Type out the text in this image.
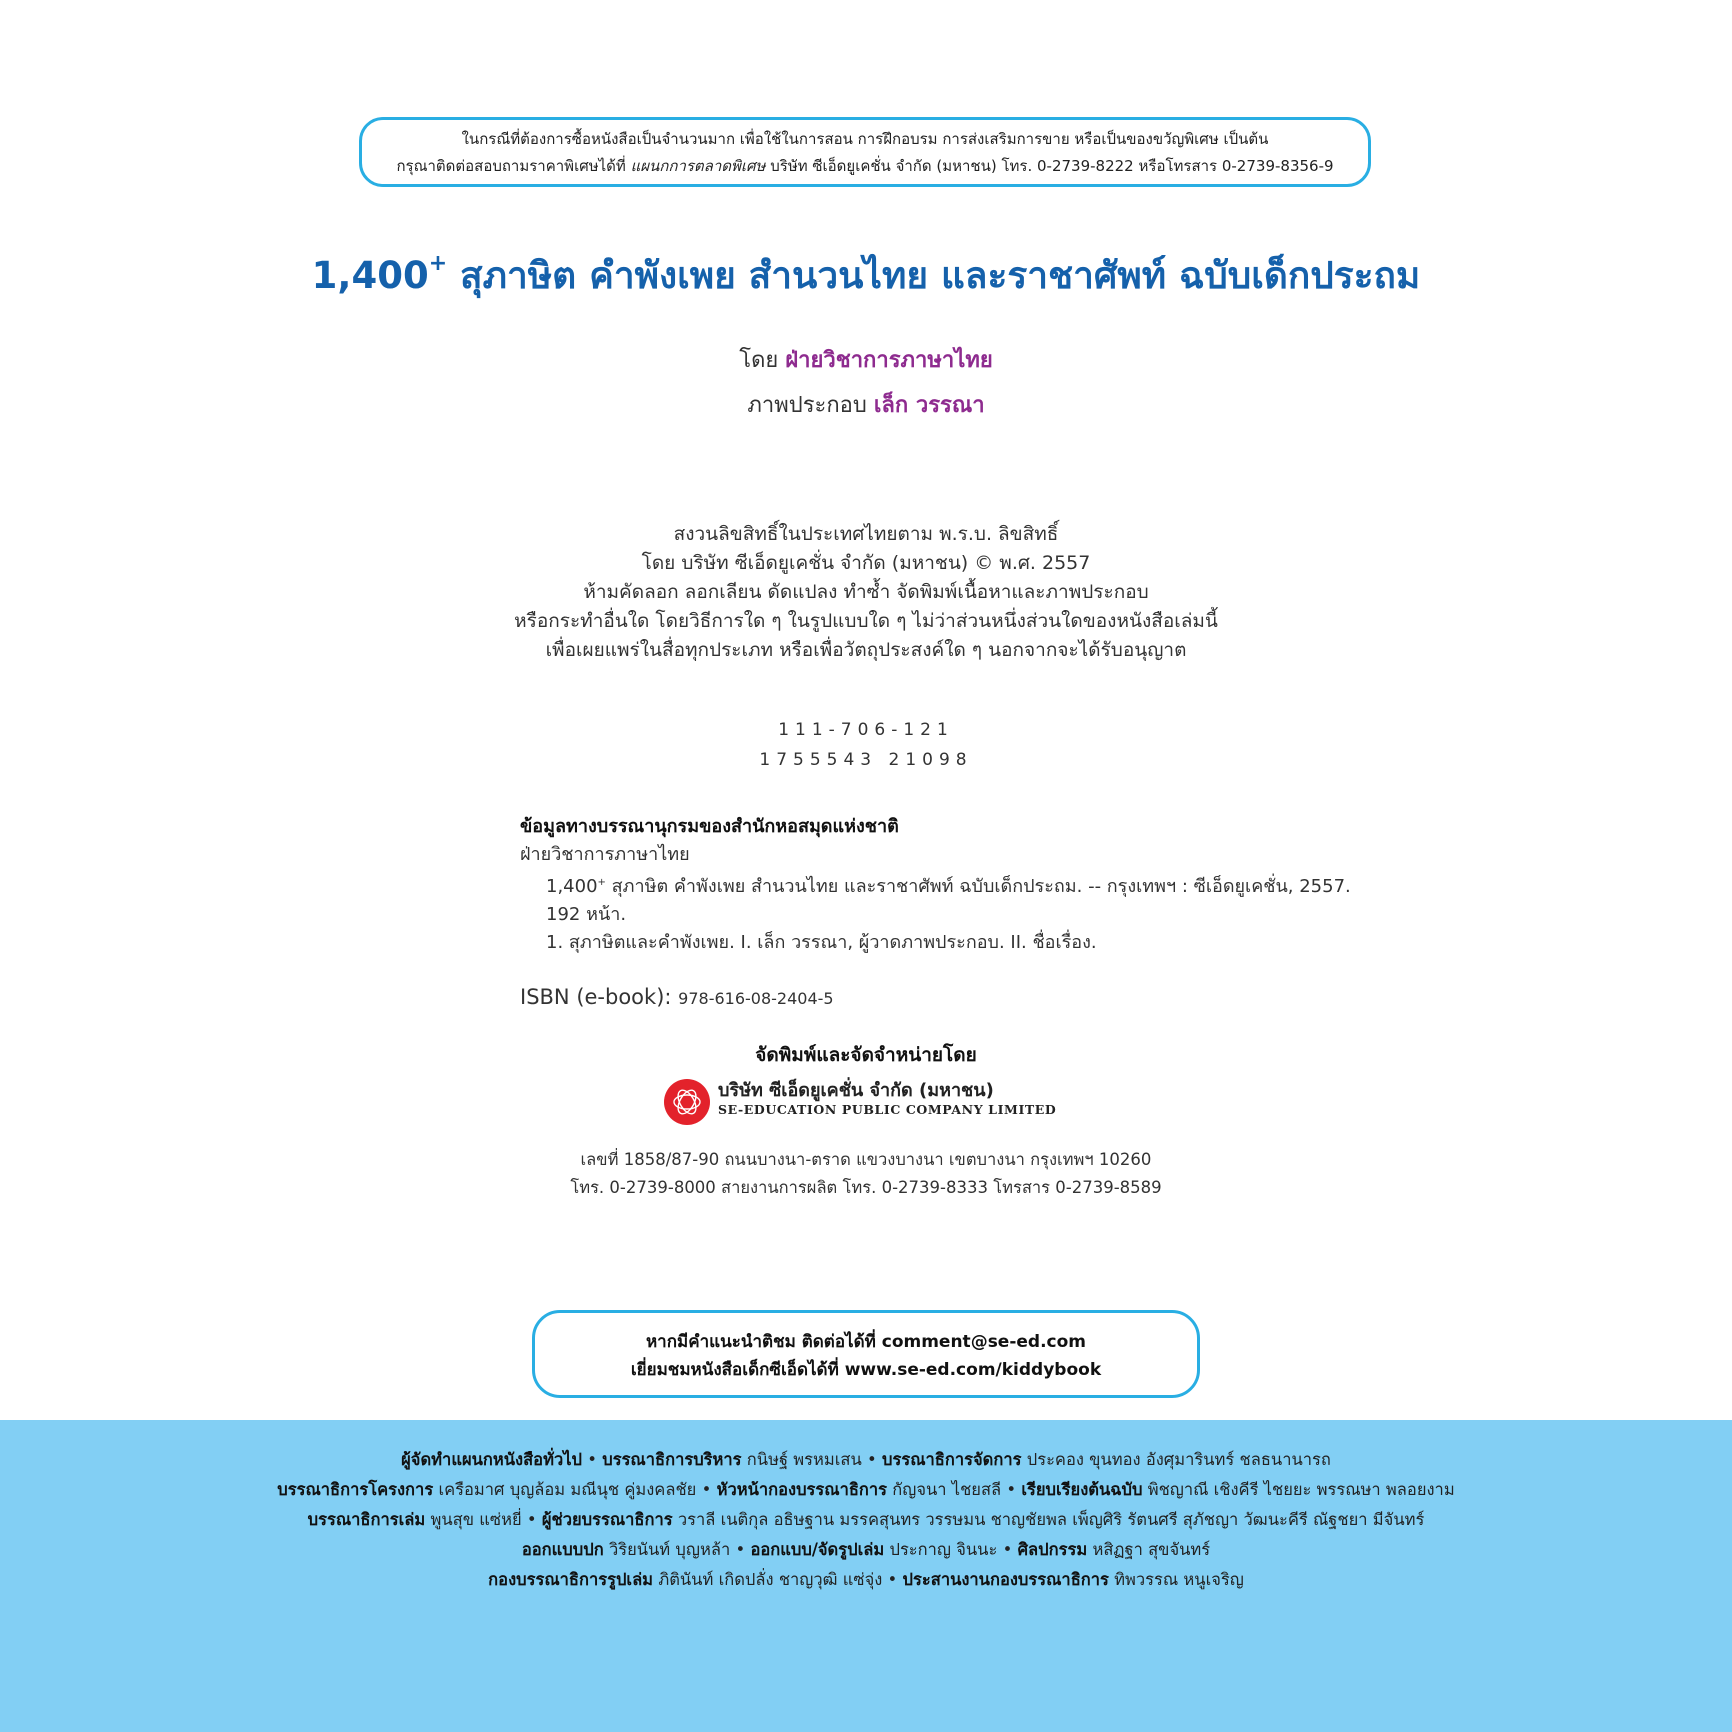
ในกรณีที่ต้องการซื้อหนังสือเป็นจำนวนมาก เพื่อใช้ในการสอน การฝึกอบรม การส่งเสริมการขาย หรือเป็นของขวัญพิเศษ เป็นต้น
กรุณาติดต่อสอบถามราคาพิเศษได้ที่ แผนกการตลาดพิเศษ บริษัท ซีเอ็ดยูเคชั่น จำกัด (มหาชน) โทร. 0-2739-8222 หรือโทรสาร 0-2739-8356-9
1,400+ สุภาษิต คำพังเพย สำนวนไทย และราชาศัพท์ ฉบับเด็กประถม
โดย ฝ่ายวิชาการภาษาไทย
ภาพประกอบ เล็ก วรรณา
สงวนลิขสิทธิ์ในประเทศไทยตาม พ.ร.บ. ลิขสิทธิ์
โดย บริษัท ซีเอ็ดยูเคชั่น จำกัด (มหาชน) © พ.ศ. 2557
ห้ามคัดลอก ลอกเลียน ดัดแปลง ทำซ้ำ จัดพิมพ์เนื้อหาและภาพประกอบ
หรือกระทำอื่นใด โดยวิธีการใด ๆ ในรูปแบบใด ๆ ไม่ว่าส่วนหนึ่งส่วนใดของหนังสือเล่มนี้
เพื่อเผยแพร่ในสื่อทุกประเภท หรือเพื่อวัตถุประสงค์ใด ๆ นอกจากจะได้รับอนุญาต
111-706-121
1755543 21098
ข้อมูลทางบรรณานุกรมของสำนักหอสมุดแห่งชาติ
ฝ่ายวิชาการภาษาไทย
1,400+ สุภาษิต คำพังเพย สำนวนไทย และราชาศัพท์ ฉบับเด็กประถม. -- กรุงเทพฯ : ซีเอ็ดยูเคชั่น, 2557.
192 หน้า.
1. สุภาษิตและคำพังเพย. I. เล็ก วรรณา, ผู้วาดภาพประกอบ. II. ชื่อเรื่อง.
ISBN (e-book): 978-616-08-2404-5
จัดพิมพ์และจัดจำหน่ายโดย
บริษัท ซีเอ็ดยูเคชั่น จำกัด (มหาชน)
SE-EDUCATION PUBLIC COMPANY LIMITED
เลขที่ 1858/87-90 ถนนบางนา-ตราด แขวงบางนา เขตบางนา กรุงเทพฯ 10260
โทร. 0-2739-8000 สายงานการผลิต โทร. 0-2739-8333 โทรสาร 0-2739-8589
หากมีคำแนะนำติชม ติดต่อได้ที่ comment@se-ed.com
เยี่ยมชมหนังสือเด็กซีเอ็ดได้ที่ www.se-ed.com/kiddybook
ผู้จัดทำแผนกหนังสือทั่วไป • บรรณาธิการบริหาร กนิษฐ์ พรหมเสน • บรรณาธิการจัดการ ประคอง ขุนทอง อังศุมารินทร์ ชลธนานารถ
บรรณาธิการโครงการ เครือมาศ บุญล้อม มณีนุช คู่มงคลชัย • หัวหน้ากองบรรณาธิการ กัญจนา ไชยสลี • เรียบเรียงต้นฉบับ พิชญาณี เชิงคีรี ไชยยะ พรรณษา พลอยงาม
บรรณาธิการเล่ม พูนสุข แซ่หยี่ • ผู้ช่วยบรรณาธิการ วราลี เนติกุล อธิษฐาน มรรคสุนทร วรรษมน ชาญชัยพล เพ็ญศิริ รัตนศรี สุภัชญา วัฒนะคีรี ณัฐชยา มีจันทร์
ออกแบบปก วิริยนันท์ บุญหล้า • ออกแบบ/จัดรูปเล่ม ประกาญ จินนะ • ศิลปกรรม หสิฏฐา สุขจันทร์
กองบรรณาธิการรูปเล่ม ภิตินันท์ เกิดปลั่ง ชาญวุฒิ แซ่จุ่ง • ประสานงานกองบรรณาธิการ ทิพวรรณ หนูเจริญ
